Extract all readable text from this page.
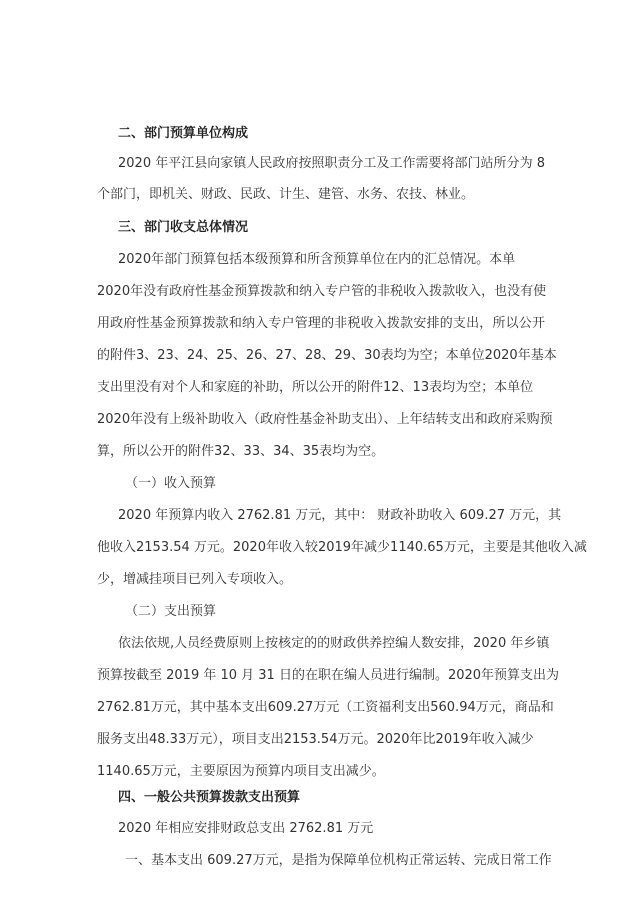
二、部门预算单位构成
2020 年平江县向家镇人民政府按照职责分工及工作需要将部门站所分为 8
个部门，即机关、财政、民政、计生、建管、水务、农技、林业。
三、部门收支总体情况
2020年部门预算包括本级预算和所含预算单位在内的汇总情况。本单
2020年没有政府性基金预算拨款和纳入专户管的非税收入拨款收入，也没有使
用政府性基金预算拨款和纳入专户管理的非税收入拨款安排的支出，所以公开
的附件3、23、24、25、26、27、28、29、30表均为空；本单位2020年基本
支出里没有对个人和家庭的补助，所以公开的附件12、13表均为空；本单位
2020年没有上级补助收入（政府性基金补助支出）、上年结转支出和政府采购预
算，所以公开的附件32、33、34、35表均为空。
（一）收入预算
2020 年预算内收入 2762.81 万元，其中： 财政补助收入 609.27 万元，其
他收入2153.54 万元。2020年收入较2019年减少1140.65万元，主要是其他收入减
少，增减挂项目已列入专项收入。
（二）支出预算
依法依规,人员经费原则上按核定的的财政供养控编人数安排，2020 年乡镇
预算按截至 2019 年 10 月 31 日的在职在编人员进行编制。2020年预算支出为
2762.81万元，其中基本支出609.27万元（工资福利支出560.94万元，商品和
服务支出48.33万元），项目支出2153.54万元。2020年比2019年收入减少
1140.65万元，主要原因为预算内项目支出减少。
四、一般公共预算拨款支出预算
2020 年相应安排财政总支出 2762.81 万元
一、基本支出 609.27万元，是指为保障单位机构正常运转、完成日常工作
